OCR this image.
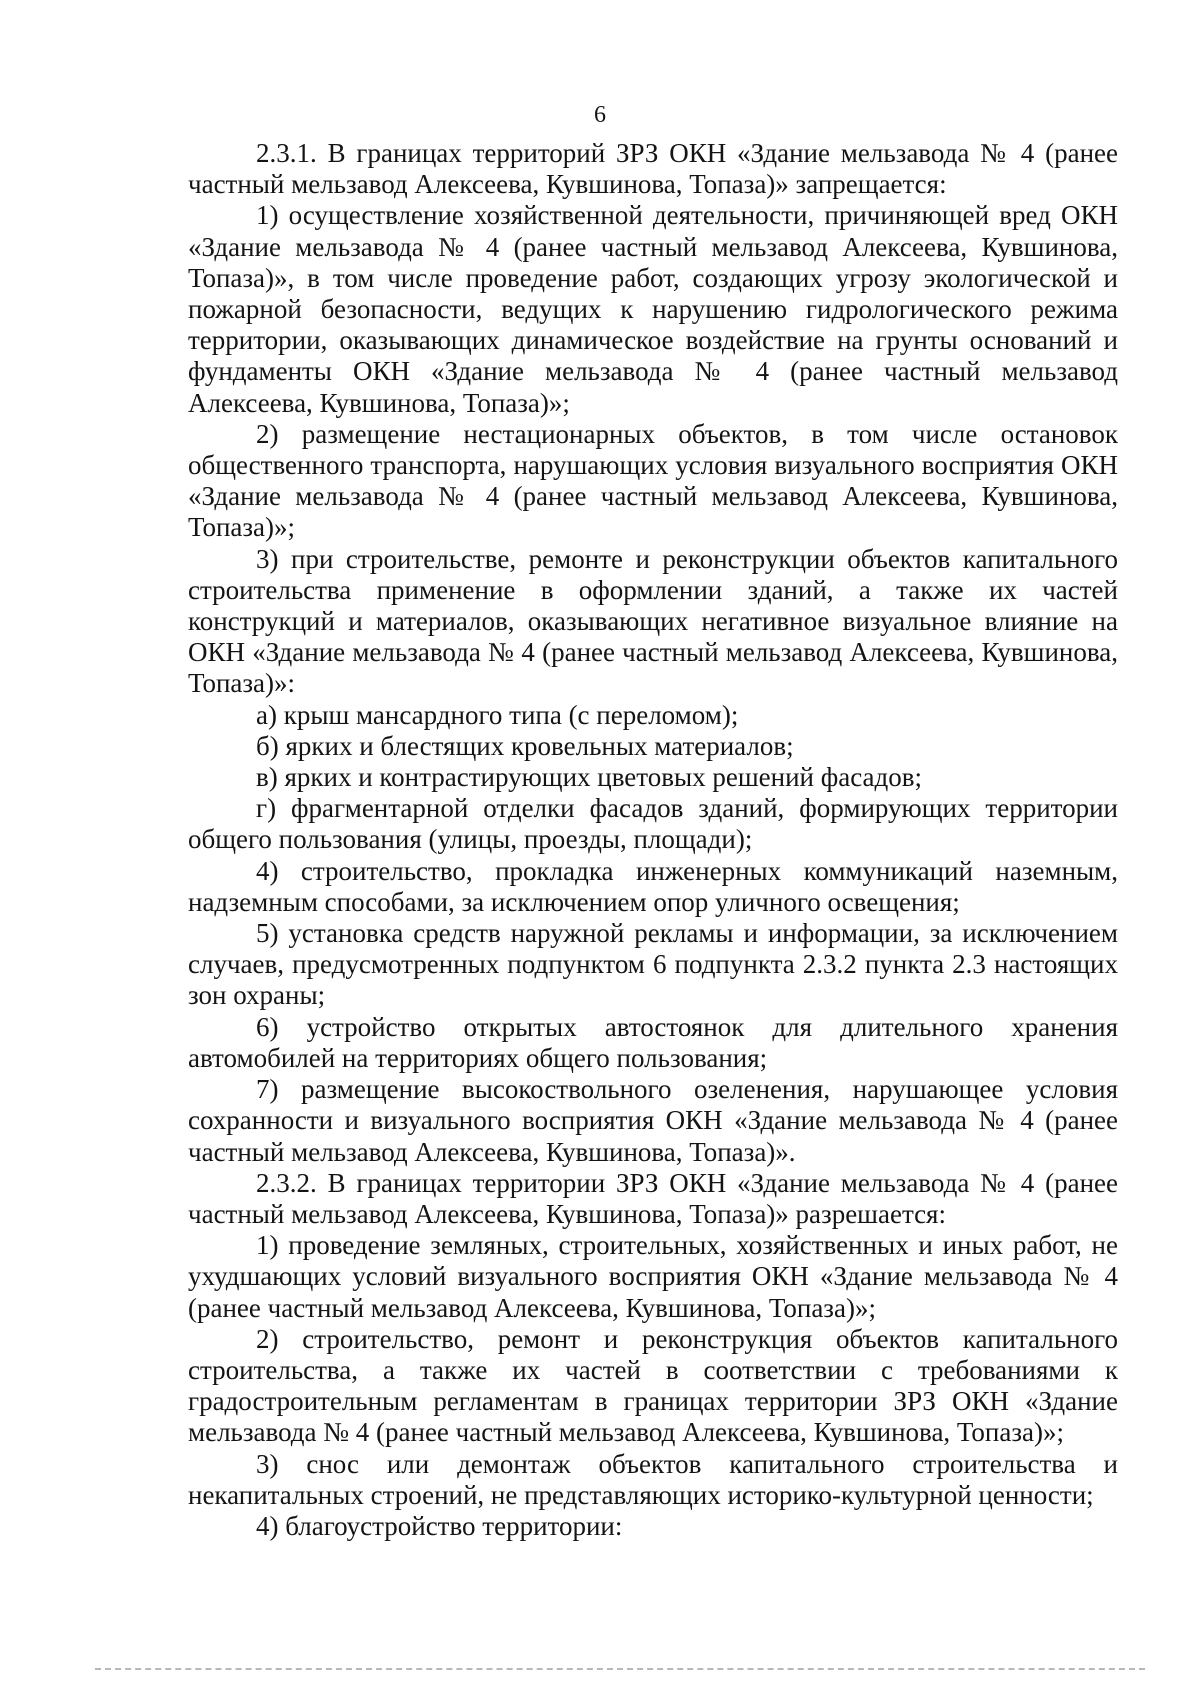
6

2.3.1. В границах территорий ЗРЗ ОКН «Здание мельзавода № 4 (ранее частный мельзавод Алексеева, Кувшинова, Топаза)» запрещается:

1) осуществление хозяйственной деятельности, причиняющей вред ОКН «Здание мельзавода № 4 (ранее частный мельзавод Алексеева, Кувшинова, Топаза)», в том числе проведение работ, создающих угрозу экологической и пожарной безопасности, ведущих к нарушению гидрологического режима территории, оказывающих динамическое воздействие на грунты оснований и фундаменты ОКН «Здание мельзавода № 4 (ранее частный мельзавод Алексеева, Кувшинова, Топаза)»;

2) размещение нестационарных объектов, в том числе остановок общественного транспорта, нарушающих условия визуального восприятия ОКН «Здание мельзавода № 4 (ранее частный мельзавод Алексеева, Кувшинова, Топаза)»;

3) при строительстве, ремонте и реконструкции объектов капитального строительства применение в оформлении зданий, а также их частей конструкций и материалов, оказывающих негативное визуальное влияние на ОКН «Здание мельзавода № 4 (ранее частный мельзавод Алексеева, Кувшинова, Топаза)»:

а) крыш мансардного типа (с переломом);

б) ярких и блестящих кровельных материалов;

в) ярких и контрастирующих цветовых решений фасадов;

г) фрагментарной отделки фасадов зданий, формирующих территории общего пользования (улицы, проезды, площади);

4) строительство, прокладка инженерных коммуникаций наземным, надземным способами, за исключением опор уличного освещения;

5) установка средств наружной рекламы и информации, за исключением случаев, предусмотренных подпунктом 6 подпункта 2.3.2 пункта 2.3 настоящих зон охраны;

6) устройство открытых автостоянок для длительного хранения автомобилей на территориях общего пользования;

7) размещение высокоствольного озеленения, нарушающее условия сохранности и визуального восприятия ОКН «Здание мельзавода № 4 (ранее частный мельзавод Алексеева, Кувшинова, Топаза)».

2.3.2. В границах территории ЗРЗ ОКН «Здание мельзавода № 4 (ранее частный мельзавод Алексеева, Кувшинова, Топаза)» разрешается:

1) проведение земляных, строительных, хозяйственных и иных работ, не ухудшающих условий визуального восприятия ОКН «Здание мельзавода № 4 (ранее частный мельзавод Алексеева, Кувшинова, Топаза)»;

2) строительство, ремонт и реконструкция объектов капитального строительства, а также их частей в соответствии с требованиями к градостроительным регламентам в границах территории ЗРЗ ОКН «Здание мельзавода № 4 (ранее частный мельзавод Алексеева, Кувшинова, Топаза)»;

3) снос или демонтаж объектов капитального строительства и некапитальных строений, не представляющих историко-культурной ценности;

4) благоустройство территории:
